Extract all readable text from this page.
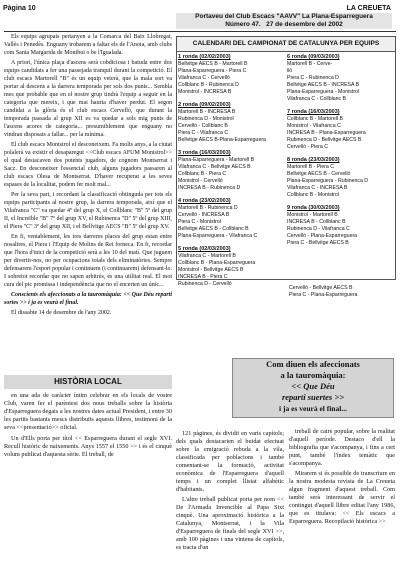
Pàgina 10	LA CREUETA
Portaveu del Club Escacs "AAVV" La Plana-Esparreguera
Número 47. 27 de desembre del 2002

Els equips agrupats pertanyen a la Comarca del Baix Llobregat, Vallès i Penedès. Enguany trobarem a faltar els de l'Anoia, amb clubs com Santa Margarida de Montbui o be l'Igualada.

A priori, l'única plaça d'ascens serà cobdiciosa i batuda entre dos equips candidats a fer una passejada tranquil durant la competició. El club escacs Martorell "B" és un equip veterà, que la mala sort va portar al descens a la darrera temporada per sols dos punts... Sembla mes que probable que en el nostre grup tindrà l'equip a seguir en la categoria que mereix, i que mai hauria d'haver perdut. El segon candidat a la glòria és el club escacs Cervelló, que durant la temporada passada al grup XII es va quedar a sols mig punts de l'ascens acores de categoria... presumiblement que enguany no vindran disposats a fallar... per la mínima.

El club escacs Monistrol el desconeixem. Fa molts anys, a la ciutat polalerà va existir el desaparegut <<Club escacs AFUM Monistrol>> el qual destacaven dos potents jugadors, de cognom Montserrat i Sacz. En desconeixer l'essencial club, alguns jugadors passaren al club escacs Olesa de Montserrat. D'haver recuperat a les seves espases de la localitat, podem fer molt mal...

Per la seva part, i recordant la classificació obtinguda per tots els equips participants al nostre grup, la darrera temporada, així que el Vilafranca "C" va quedar 4º del grup X, el Collblanc "B" 5º del grup II, el Increïble "B" 7º del grup XV, el Rubinenca "D" 5º del grup XIII, el Piera "C" 3º del grup XII, i el Bellvitge AECS "B" 5º del grup XV.

En fi, ventablement, les tres darreres places del grup estan entre nosaltres, el Piera i l'Equip de Molins de Rei forneca. En fi, recordar que l'hora d'inici de la competició serà a les 10 del matí. Que juguem per divertir-nos, no per ocupacions totals dels eliminatòries. Sempre defensarem l'esport popular i continuem (i continuarem) defensant-lo. I sobretot recordar que no sapen arbitrés, és una utilitat real. El mot cura del pic promissa i independència que no el encerten un únic...

Conscients els afeccionats a la tauromàquia: << Que Déu reparti sortes >> i ja es veurà el final.

El dissabte 14 de desembre de l'any 2002.

CALENDARI DEL CAMPIONAT DE CATALUNYA PER EQUIPS
1 ronda (02/02/2003)
Bellvitge AECS B - Martorell B
Plana-Esparreguera - Piera C
Vilafranca C - Cervelló
Collblanc B - Rubinenca D
Monistrol - INCRESA B
2 ronda (09/02/2003)
Martorell B - INCRESA B
Rubinenca D - Monistrol
Cervelló - Collblanc B
Piera C - Vilafranca C
Bellvitge AECS B-Plana-Esparreguera
3 ronda (16/03/2003)
Plana-Esparreguera - Martorell B
Vilafranca C - Bellvitge AECS B
Collblanc B - Piera C
Monistrol - Cervelló
INCRESA B - Rubinenca D
4 ronda (23/02/2003)
Martorell B - Rubinenca D
Cervelló - INCRESA B
Piera C - Monistrol
Bellvitge AECS B - Collblanc B
Plana-Esparreguera - Vilafranca C
5 ronda (02/03/2003)
Vilafranca C - Martorell B
Collblanc B - Plana-Esparreguera
Monistrol - Bellvitge AECS B
INCRESA B - Piera C
Rubinenca D - Cervelló
6 ronda (09/03/2003)
Martorell B - Cerve-
lló
Piera C - Rubinenca D
Bellvitge AECS B - INCRESA B
Plana-Esparreguera - Monistrol
Vilafranca C - Collblanc B
7 ronda (16/03/2003)
Collblanc B - Martorell B
Monistrol - Vilafranca C
INCRESA B - Plana-Esparreguera
Rubinenca D - Bellvitge AECS B
Cervelló - Piera C
8 ronda (23/03/2003)
Martorell B - Piera C
Bellvitge AECS B - Cervelló
Plana-Esparreguera - Rubinenca D
Vilafranca C - INCRESA B
Collblanc B - Monistrol
9 ronda (30/03/2003)
Monistrol - Martorell B
INCRESA B - Collblanc B
Rubinenca D - Vilafranca C
Cervelló - Plana-Esparreguera
Piera C - Bellvitge AECS B
Cervelló - Bellvitge AECS B
Piera C - Plana-Esparreguera
Com diuen els afeccionats
a la tauromàquia:
<< Que Déu
reparti suertes >>
i ja es veurà el final...
HISTÒRIA LOCAL

en una ada de caràcter íntim celebrar en els locals de vostre Club, varen fer el parèntesi dos nous treballs sobre la història d'Esparreguera degats a les nostres dates actual President, i entre 30 les partits bastants mescs distribuïts aquests llibres, testimoni de la seva <<presentació>> oficial.

Un d'Ells porta per títol << Esparreguera durant el segle XVI. Recull històric de naixements. Anys 1557 el 1550 >> i és el cinquè volum publicat d'aquesta sèrie. El treball, de

121 pàgines, és dividit en varis capítols; dels quals destacarien el buidat efectuat sobre la emigració rebuda a la vila, classificada per poblacions i també comentant-se la formació, activitat econòmica de l'Esparreguera d'aquell temps i un complet llistat alfabètic d'habitants.

L'altre treball publicat porta per nom << De l'Armada Invencible al Papa Sixt cinquè. Una aproximació històrica a la Catalunya, Montserrat, i la Vila d'Esparreguera de finals del segle XVI >>, amb 100 pàgines i una vintena de capítols, es tracta d'un

treball de caire popular, sobre la realitat d'aquell període. Destaco d'ell la bibliografia que s'acompanya, i fins a cert punt, també l'índex temàtic que s'acompanya.

Mirarem si és possible de transcriure en la nostra modesta revista de La Creueta algun fragment d'aquest treball. Com també serà interessant de servir el contingut d'aquell llibre editat l'any 1986, que es titulava: << Els escacs a Esparreguera. Recopilació històrica >>
